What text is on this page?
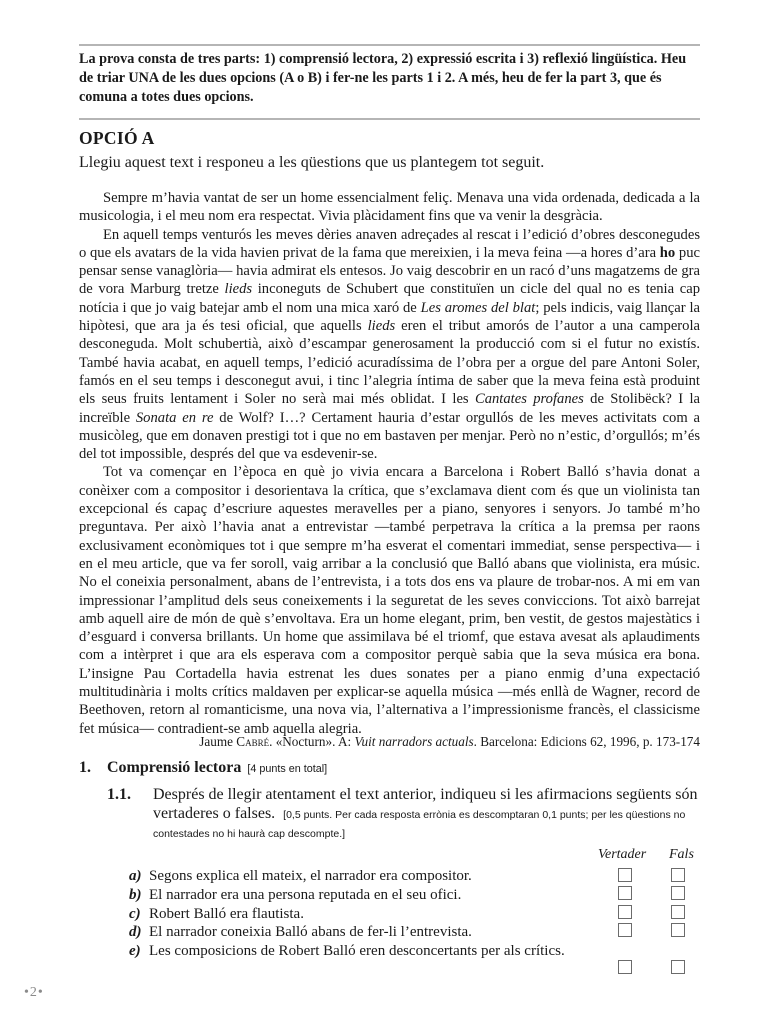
La prova consta de tres parts: 1) comprensió lectora, 2) expressió escrita i 3) reflexió lingüística. Heu de triar UNA de les dues opcions (A o B) i fer-ne les parts 1 i 2. A més, heu de fer la part 3, que és comuna a totes dues opcions.
OPCIÓ A
Llegiu aquest text i responeu a les qüestions que us plantegem tot seguit.

Sempre m’havia vantat de ser un home essencialment feliç. Menava una vida ordenada, dedicada a la musicologia, i el meu nom era respectat. Vivia plàcidament fins que va venir la desgràcia.

En aquell temps venturós les meves dèries anaven adreçades al rescat i l’edició d’obres desconegudes o que els avatars de la vida havien privat de la fama que mereixien, i la meva feina —a hores d’ara ho puc pensar sense vanaglòria— havia admirat els entesos. Jo vaig descobrir en un racó d’uns magatzems de gra de vora Marburg tretze lieds inconeguts de Schubert que constituïen un cicle del qual no es tenia cap notícia i que jo vaig batejar amb el nom una mica xaró de Les aromes del blat; pels indicis, vaig llançar la hipòtesi, que ara ja és tesi oficial, que aquells lieds eren el tribut amorós de l’autor a una camperola desconeguda. Molt schubertià, això d’escampar generosament la producció com si el futur no existís. També havia acabat, en aquell temps, l’edició acuradíssima de l’obra per a orgue del pare Antoni Soler, famós en el seu temps i desconegut avui, i tinc l’alegria íntima de saber que la meva feina està produint els seus fruits lentament i Soler no serà mai més oblidat. I les Cantates profanes de Stolibëck? I la increïble Sonata en re de Wolf? I…? Certament hauria d’estar orgullós de les meves activitats com a musicòleg, que em donaven prestigi tot i que no em bastaven per menjar. Però no n’estic, d’orgullós; m’és del tot impossible, després del que va esdevenir-se.

Tot va començar en l’època en què jo vivia encara a Barcelona i Robert Balló s’havia donat a conèixer com a compositor i desorientava la crítica, que s’exclamava dient com és que un violinista tan excepcional és capaç d’escriure aquestes meravelles per a piano, senyores i senyors. Jo també m’ho preguntava. Per això l’havia anat a entrevistar —també perpetrava la crítica a la premsa per raons exclusivament econòmiques tot i que sempre m’ha esverat el comentari immediat, sense perspectiva— i en el meu article, que va fer soroll, vaig arribar a la conclusió que Balló abans que violinista, era músic. No el coneixia personalment, abans de l’entrevista, i a tots dos ens va plaure de trobar-nos. A mi em van impressionar l’amplitud dels seus coneixements i la seguretat de les seves conviccions. Tot això barrejat amb aquell aire de món de què s’envoltava. Era un home elegant, prim, ben vestit, de gestos majestàtics i d’esguard i conversa brillants. Un home que assimilava bé el triomf, que estava avesat als aplaudiments com a intèrpret i que ara els esperava com a compositor perquè sabia que la seva música era bona. L’insigne Pau Cortadella havia estrenat les dues sonates per a piano enmig d’una expectació multitudinària i molts crítics maldaven per explicar-se aquella música —més enllà de Wagner, record de Beethoven, retorn al romanticisme, una nova via, l’alternativa a l’impressionisme francès, el classicisme fet música— contradient-se amb aquella alegria.

Jaume Cabré. «Nocturn». A: Vuit narradors actuals. Barcelona: Edicions 62, 1996, p. 173-174
1. Comprensió lectora [4 punts en total]
1.1. Després de llegir atentament el text anterior, indiqueu si les afirmacions següents són vertaderes o falses. [0,5 punts. Per cada resposta errònia es descomptaran 0,1 punts; per les qüestions no contestades no hi haurà cap descompte.]
Vertader Fals
a) Segons explica ell mateix, el narrador era compositor.
b) El narrador era una persona reputada en el seu ofici.
c) Robert Balló era flautista.
d) El narrador coneixia Balló abans de fer-li l’entrevista.
e) Les composicions de Robert Balló eren desconcertants per als crítics.
•2•
